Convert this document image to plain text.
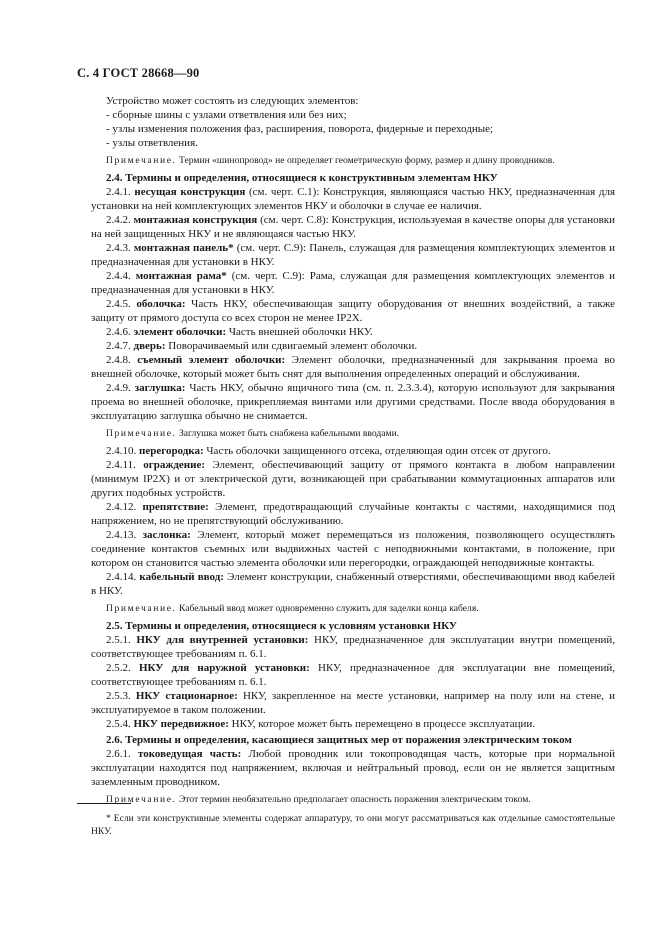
С. 4 ГОСТ 28668—90

Устройство может состоять из следующих элементов:

- сборные шины с узлами ответвления или без них;

- узлы изменения положения фаз, расширения, поворота, фидерные и переходные;

- узлы ответвления.

Примечание. Термин «шинопровод» не определяет геометрическую форму, размер и длину проводников.

2.4. Термины и определения, относящиеся к конструктивным элементам НКУ

2.4.1. несущая конструкция (см. черт. С.1): Конструкция, являющаяся частью НКУ, предназначенная для установки на ней комплектующих элементов НКУ и оболочки в случае ее наличия.

2.4.2. монтажная конструкция (см. черт. С.8): Конструкция, используемая в качестве опоры для установки на ней защищенных НКУ и не являющаяся частью НКУ.

2.4.3. монтажная панель* (см. черт. С.9): Панель, служащая для размещения комплектующих элементов и предназначенная для установки в НКУ.

2.4.4. монтажная рама* (см. черт. С.9): Рама, служащая для размещения комплектующих элементов и предназначенная для установки в НКУ.

2.4.5. оболочка: Часть НКУ, обеспечивающая защиту оборудования от внешних воздействий, а также защиту от прямого доступа со всех сторон не менее IP2X.

2.4.6. элемент оболочки: Часть внешней оболочки НКУ.

2.4.7. дверь: Поворачиваемый или сдвигаемый элемент оболочки.

2.4.8. съемный элемент оболочки: Элемент оболочки, предназначенный для закрывания проема во внешней оболочке, который может быть снят для выполнения определенных операций и обслуживания.

2.4.9. заглушка: Часть НКУ, обычно ящичного типа (см. п. 2.3.3.4), которую используют для закрывания проема во внешней оболочке, прикрепляемая винтами или другими средствами. После ввода оборудования в эксплуатацию заглушка обычно не снимается.

Примечание. Заглушка может быть снабжена кабельными вводами.

2.4.10. перегородка: Часть оболочки защищенного отсека, отделяющая один отсек от другого.

2.4.11. ограждение: Элемент, обеспечивающий защиту от прямого контакта в любом направлении (минимум IP2X) и от электрической дуги, возникающей при срабатывании коммутационных аппаратов или других подобных устройств.

2.4.12. препятствие: Элемент, предотвращающий случайные контакты с частями, находящимися под напряжением, но не препятствующий обслуживанию.

2.4.13. заслонка: Элемент, который может перемещаться из положения, позволяющего осуществлять соединение контактов съемных или выдвижных частей с неподвижными контактами, в положение, при котором он становится частью элемента оболочки или перегородки, ограждающей неподвижные контакты.

2.4.14. кабельный ввод: Элемент конструкции, снабженный отверстиями, обеспечивающими ввод кабелей в НКУ.

Примечание. Кабельный ввод может одновременно служить для заделки конца кабеля.

2.5. Термины и определения, относящиеся к условиям установки НКУ

2.5.1. НКУ для внутренней установки: НКУ, предназначенное для эксплуатации внутри помещений, соответствующее требованиям п. 6.1.

2.5.2. НКУ для наружной установки: НКУ, предназначенное для эксплуатации вне помещений, соответствующее требованиям п. 6.1.

2.5.3. НКУ стационарное: НКУ, закрепленное на месте установки, например на полу или на стене, и эксплуатируемое в таком положении.

2.5.4. НКУ передвижное: НКУ, которое может быть перемещено в процессе эксплуатации.

2.6. Термины и определения, касающиеся защитных мер от поражения электрическим током

2.6.1. токоведущая часть: Любой проводник или токопроводящая часть, которые при нормальной эксплуатации находятся под напряжением, включая и нейтральный провод, если он не является защитным заземленным проводником.

Примечание. Этот термин необязательно предполагает опасность поражения электрическим током.

* Если эти конструктивные элементы содержат аппаратуру, то они могут рассматриваться как отдельные самостоятельные НКУ.
